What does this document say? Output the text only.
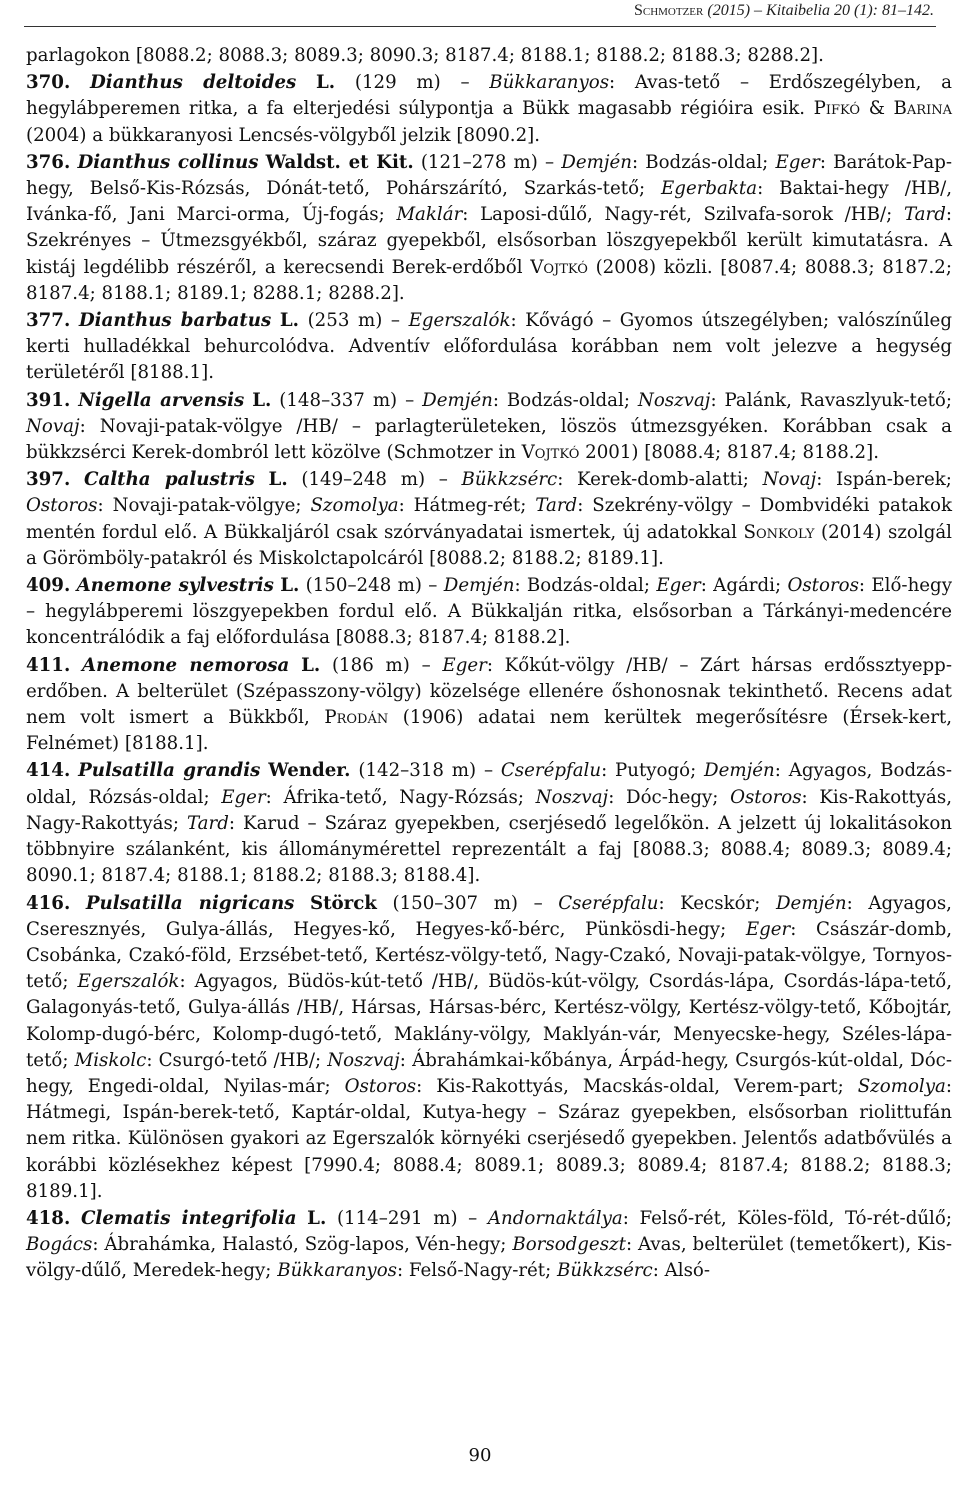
Schmotzer (2015) – Kitaibelia 20 (1): 81–142.

parlagokon [8088.2; 8088.3; 8089.3; 8090.3; 8187.4; 8188.1; 8188.2; 8188.3; 8288.2].

370. Dianthus deltoides L. (129 m) – Bükkaranyos: Avas-tető – Erdőszegélyben, a hegylábperemen ritka, a fa elterjedési súlypontja a Bükk magasabb régióira esik. Pifkó & Barina (2004) a bükkaranyosi Lencsés-völgyből jelzik [8090.2].

376. Dianthus collinus Waldst. et Kit. (121–278 m) – Demjén: Bodzás-oldal; Eger: Barátok-Pap-hegy, Belső-Kis-Rózsás, Dónát-tető, Pohárszárító, Szarkás-tető; Egerbakta: Baktai-hegy /HB/, Ivánka-fő, Jani Marci-orma, Új-fogás; Maklár: Laposi-dűlő, Nagy-rét, Szilvafa-sorok /HB/; Tard: Szekrényes – Útmezsgyékből, száraz gyepekből, elsősorban löszgyepekből került kimutatásra. A kistáj legdélibb részéről, a kerecsendi Berek-erdőből Vojtkó (2008) közli. [8087.4; 8088.3; 8187.2; 8187.4; 8188.1; 8189.1; 8288.1; 8288.2].

377. Dianthus barbatus L. (253 m) – Egerszalók: Kővágó – Gyomos útszegélyben; valószínűleg kerti hulladékkal behurcolódva. Adventív előfordulása korábban nem volt jelezve a hegység területéről [8188.1].

391. Nigella arvensis L. (148–337 m) – Demjén: Bodzás-oldal; Noszvaj: Palánk, Ravaszlyuk-tető; Novaj: Novaji-patak-völgye /HB/ – parlagterületeken, löszös útmezsgyéken. Korábban csak a bükkzsérci Kerek-dombról lett közölve (Schmotzer in Vojtkó 2001) [8088.4; 8187.4; 8188.2].

397. Caltha palustris L. (149–248 m) – Bükkzsérc: Kerek-domb-alatti; Novaj: Ispán-berek; Ostoros: Novaji-patak-völgye; Szomolya: Hátmeg-rét; Tard: Szekrény-völgy – Dombvidéki patakok mentén fordul elő. A Bükkaljáról csak szórványadatai ismertek, új adatokkal Sonkoly (2014) szolgál a Görömböly-patakról és Miskolctapolcáról [8088.2; 8188.2; 8189.1].

409. Anemone sylvestris L. (150–248 m) – Demjén: Bodzás-oldal; Eger: Agárdi; Ostoros: Elő-hegy – hegylábperemi löszgyepekben fordul elő. A Bükkalján ritka, elsősorban a Tárkányi-medencére koncentrálódik a faj előfordulása [8088.3; 8187.4; 8188.2].

411. Anemone nemorosa L. (186 m) – Eger: Kőkút-völgy /HB/ – Zárt hársas erdőssztyepp-erdőben. A belterület (Szépasszony-völgy) közelsége ellenére őshonosnak tekinthető. Recens adat nem volt ismert a Bükkből, Prodán (1906) adatai nem kerültek megerősítésre (Érsek-kert, Felnémet) [8188.1].

414. Pulsatilla grandis Wender. (142–318 m) – Cserépfalu: Putyogó; Demjén: Agyagos, Bodzás-oldal, Rózsás-oldal; Eger: Áfrika-tető, Nagy-Rózsás; Noszvaj: Dóc-hegy; Ostoros: Kis-Rakottyás, Nagy-Rakottyás; Tard: Karud – Száraz gyepekben, cserjésedő legelőkön. A jelzett új lokalitásokon többnyire szálanként, kis állománymérettel reprezentált a faj [8088.3; 8088.4; 8089.3; 8089.4; 8090.1; 8187.4; 8188.1; 8188.2; 8188.3; 8188.4].

416. Pulsatilla nigricans Störck (150–307 m) – Cserépfalu: Kecskór; Demjén: Agyagos, Cseresznyés, Gulya-állás, Hegyes-kő, Hegyes-kő-bérc, Pünkösdi-hegy; Eger: Császár-domb, Csobánka, Czakó-föld, Erzsébet-tető, Kertész-völgy-tető, Nagy-Czakó, Novaji-patak-völgye, Tornyos-tető; Egerszalók: Agyagos, Büdös-kút-tető /HB/, Büdös-kút-völgy, Csordás-lápa, Csordás-lápa-tető, Galagonyás-tető, Gulya-állás /HB/, Hársas, Hársas-bérc, Kertész-völgy, Kertész-völgy-tető, Kőbojtár, Kolomp-dugó-bérc, Kolomp-dugó-tető, Maklány-völgy, Maklyán-vár, Menyecske-hegy, Széles-lápa-tető; Miskolc: Csurgó-tető /HB/; Noszvaj: Ábrahámkai-kőbánya, Árpád-hegy, Csurgós-kút-oldal, Dóc-hegy, Engedi-oldal, Nyilas-már; Ostoros: Kis-Rakottyás, Macskás-oldal, Verem-part; Szomolya: Hátmegi, Ispán-berek-tető, Kaptár-oldal, Kutya-hegy – Száraz gyepekben, elsősorban riolittufán nem ritka. Különösen gyakori az Egerszalók környéki cserjésedő gyepekben. Jelentős adatbővülés a korábbi közlésekhez képest [7990.4; 8088.4; 8089.1; 8089.3; 8089.4; 8187.4; 8188.2; 8188.3; 8189.1].

418. Clematis integrifolia L. (114–291 m) – Andornaktálya: Felső-rét, Köles-föld, Tó-rét-dűlő; Bogács: Ábrahámka, Halastó, Szög-lapos, Vén-hegy; Borsodgeszt: Avas, belterület (temetőkert), Kis-völgy-dűlő, Meredek-hegy; Bükkaranyos: Felső-Nagy-rét; Bükkzsérc: Alsó-

90
